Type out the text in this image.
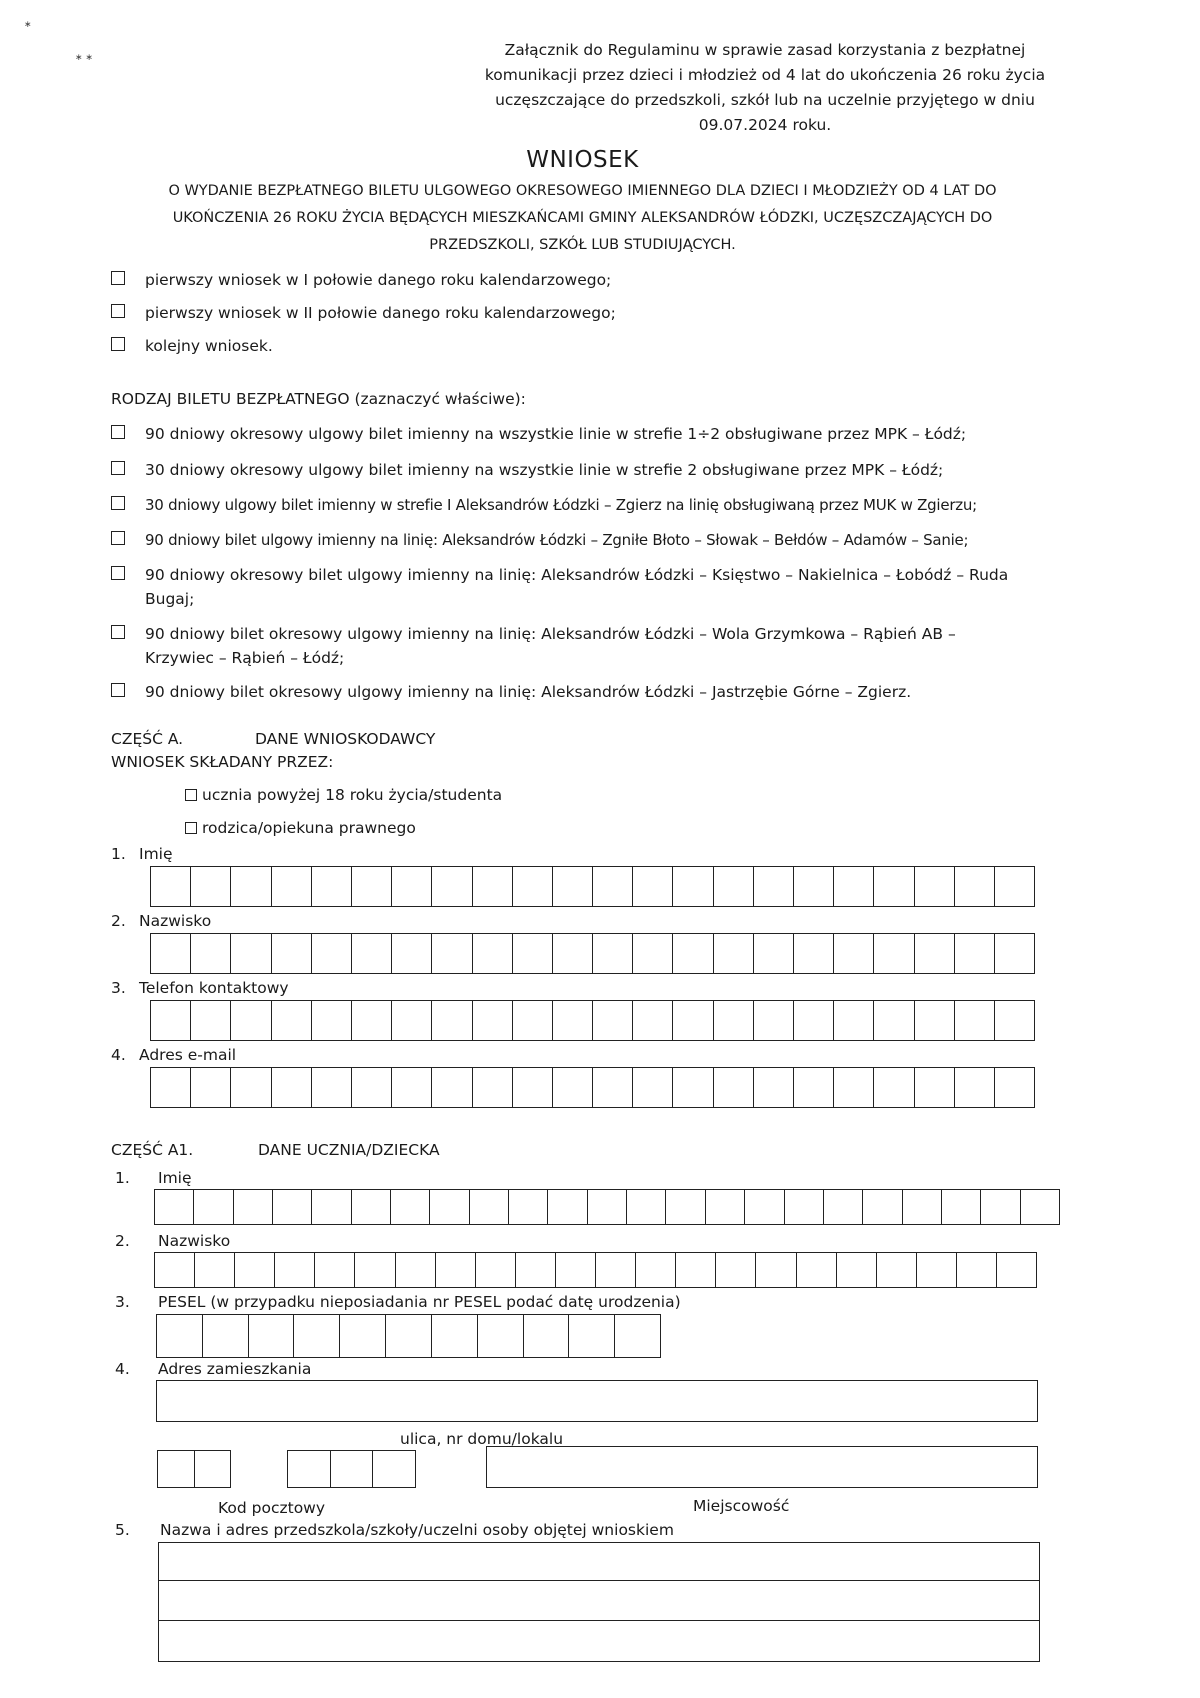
∗
∗ ∗	Załącznik do Regulaminu w sprawie zasad korzystania z bezpłatnej
komunikacji przez dzieci i młodzież od 4 lat do ukończenia 26 roku życia
uczęszczające do przedszkoli, szkół lub na uczelnie przyjętego w dniu
09.07.2024 roku.
WNIOSEK
O WYDANIE BEZPŁATNEGO BILETU ULGOWEGO OKRESOWEGO IMIENNEGO DLA DZIECI I MŁODZIEŻY OD 4 LAT DO
UKOŃCZENIA 26 ROKU ŻYCIA BĘDĄCYCH MIESZKAŃCAMI GMINY ALEKSANDRÓW ŁÓDZKI, UCZĘSZCZAJĄCYCH DO
PRZEDSZKOLI, SZKÓŁ LUB STUDIUJĄCYCH.
pierwszy wniosek w I połowie danego roku kalendarzowego;
pierwszy wniosek w II połowie danego roku kalendarzowego;
kolejny wniosek.
RODZAJ BILETU BEZPŁATNEGO (zaznaczyć właściwe):
90 dniowy okresowy ulgowy bilet imienny na wszystkie linie w strefie 1÷2 obsługiwane przez MPK – Łódź;
30 dniowy okresowy ulgowy bilet imienny na wszystkie linie w strefie 2 obsługiwane przez MPK – Łódź;
30 dniowy ulgowy bilet imienny w strefie I Aleksandrów Łódzki – Zgierz na linię obsługiwaną przez MUK w Zgierzu;
90 dniowy bilet ulgowy imienny na linię: Aleksandrów Łódzki – Zgniłe Błoto – Słowak – Bełdów – Adamów – Sanie;
90 dniowy okresowy bilet ulgowy imienny na linię: Aleksandrów Łódzki – Księstwo – Nakielnica – Łobódź – Ruda
Bugaj;
90 dniowy bilet okresowy ulgowy imienny na linię: Aleksandrów Łódzki – Wola Grzymkowa – Rąbień AB –
Krzywiec – Rąbień – Łódź;
90 dniowy bilet okresowy ulgowy imienny na linię: Aleksandrów Łódzki – Jastrzębie Górne – Zgierz.
CZĘŚĆ A.	DANE WNIOSKODAWCY
WNIOSEK SKŁADANY PRZEZ:
ucznia powyżej 18 roku życia/studenta
rodzica/opiekuna prawnego
1. Imię
2. Nazwisko
3. Telefon kontaktowy
4. Adres e-mail
CZĘŚĆ A1.	DANE UCZNIA/DZIECKA
1. Imię
2. Nazwisko
3. PESEL (w przypadku nieposiadania nr PESEL podać datę urodzenia)
4. Adres zamieszkania
ulica, nr domu/lokalu
Kod pocztowy	Miejscowość
5. Nazwa i adres przedszkola/szkoły/uczelni osoby objętej wnioskiem
